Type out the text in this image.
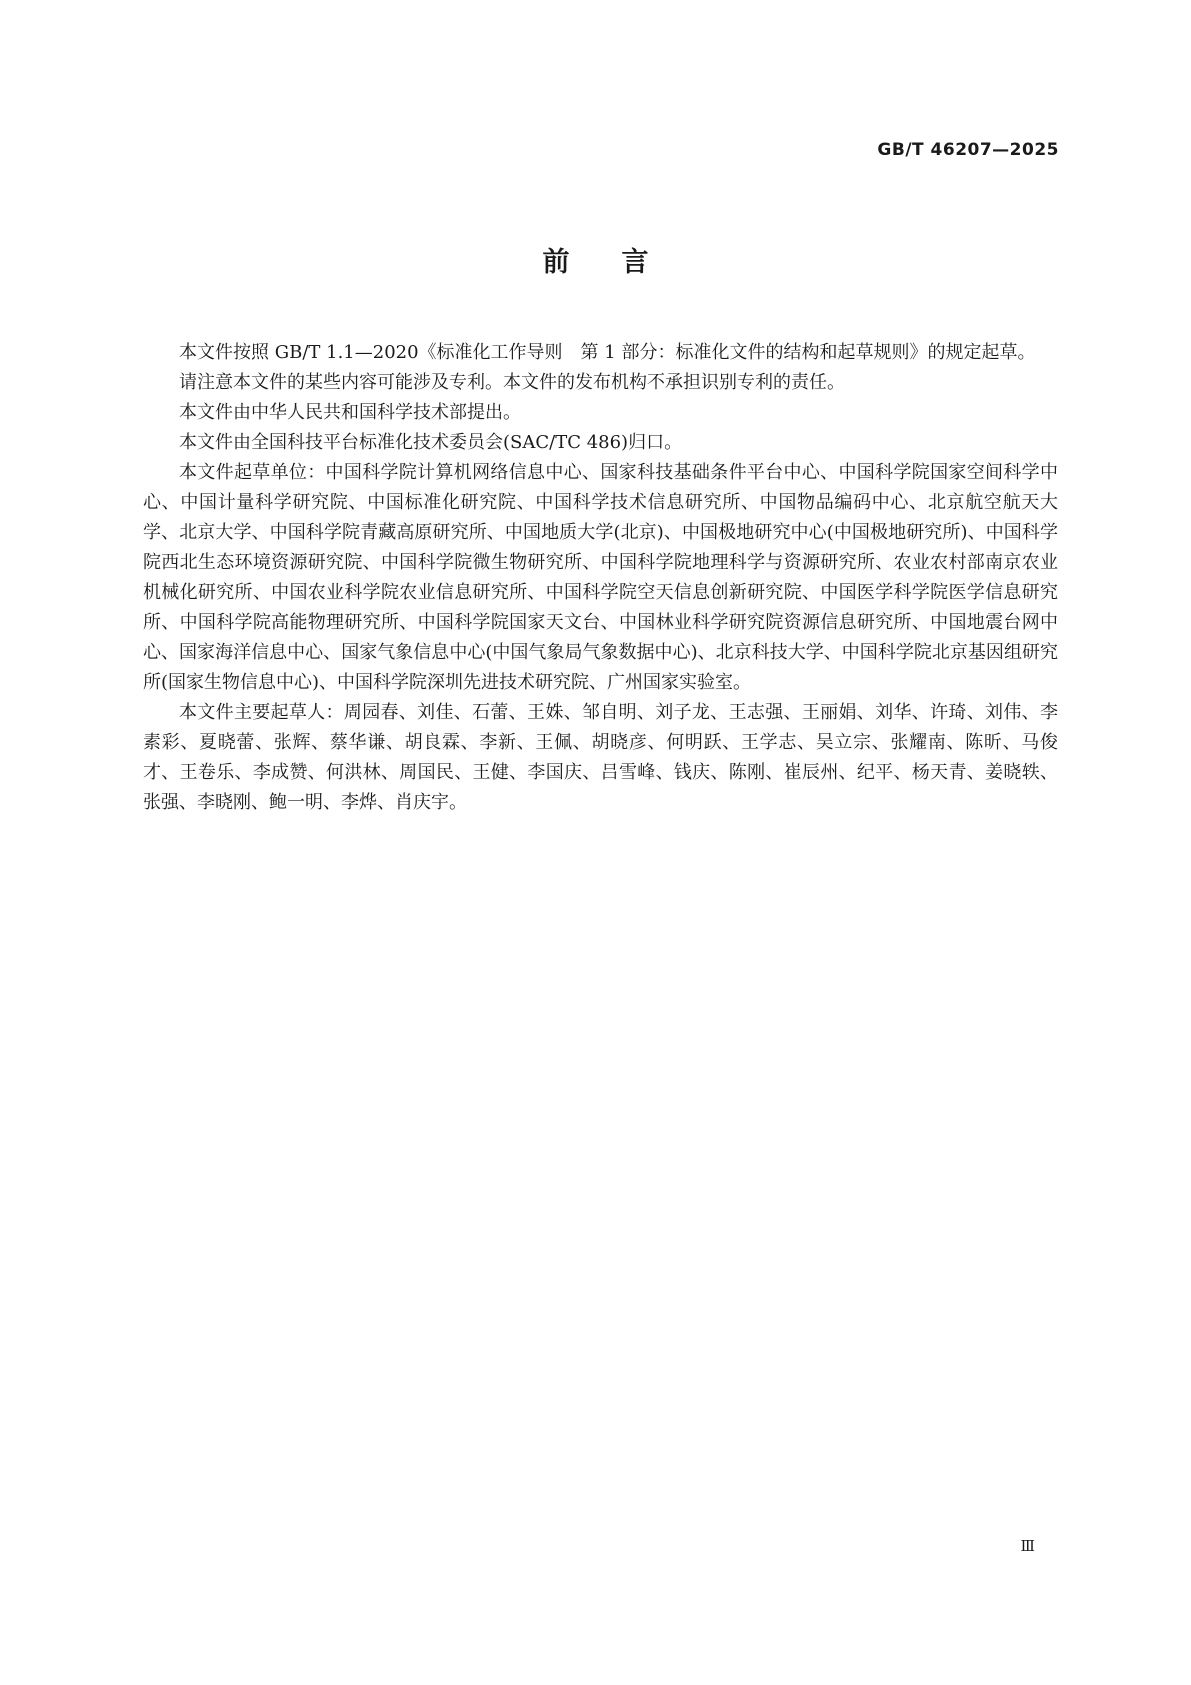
GB/T 46207—2025
前言

本文件按照 GB/T 1.1—2020《标准化工作导则　第 1 部分：标准化文件的结构和起草规则》的规定起草。

请注意本文件的某些内容可能涉及专利。本文件的发布机构不承担识别专利的责任。

本文件由中华人民共和国科学技术部提出。

本文件由全国科技平台标准化技术委员会(SAC/TC 486)归口。

本文件起草单位：中国科学院计算机网络信息中心、国家科技基础条件平台中心、中国科学院国家空间科学中心、中国计量科学研究院、中国标准化研究院、中国科学技术信息研究所、中国物品编码中心、北京航空航天大学、北京大学、中国科学院青藏高原研究所、中国地质大学(北京)、中国极地研究中心(中国极地研究所)、中国科学院西北生态环境资源研究院、中国科学院微生物研究所、中国科学院地理科学与资源研究所、农业农村部南京农业机械化研究所、中国农业科学院农业信息研究所、中国科学院空天信息创新研究院、中国医学科学院医学信息研究所、中国科学院高能物理研究所、中国科学院国家天文台、中国林业科学研究院资源信息研究所、中国地震台网中心、国家海洋信息中心、国家气象信息中心(中国气象局气象数据中心)、北京科技大学、中国科学院北京基因组研究所(国家生物信息中心)、中国科学院深圳先进技术研究院、广州国家实验室。

本文件主要起草人：周园春、刘佳、石蕾、王姝、邹自明、刘子龙、王志强、王丽娟、刘华、许琦、刘伟、李素彩、夏晓蕾、张辉、蔡华谦、胡良霖、李新、王佩、胡晓彦、何明跃、王学志、吴立宗、张耀南、陈昕、马俊才、王卷乐、李成赞、何洪林、周国民、王健、李国庆、吕雪峰、钱庆、陈刚、崔辰州、纪平、杨天青、姜晓轶、张强、李晓刚、鲍一明、李烨、肖庆宇。

Ⅲ
